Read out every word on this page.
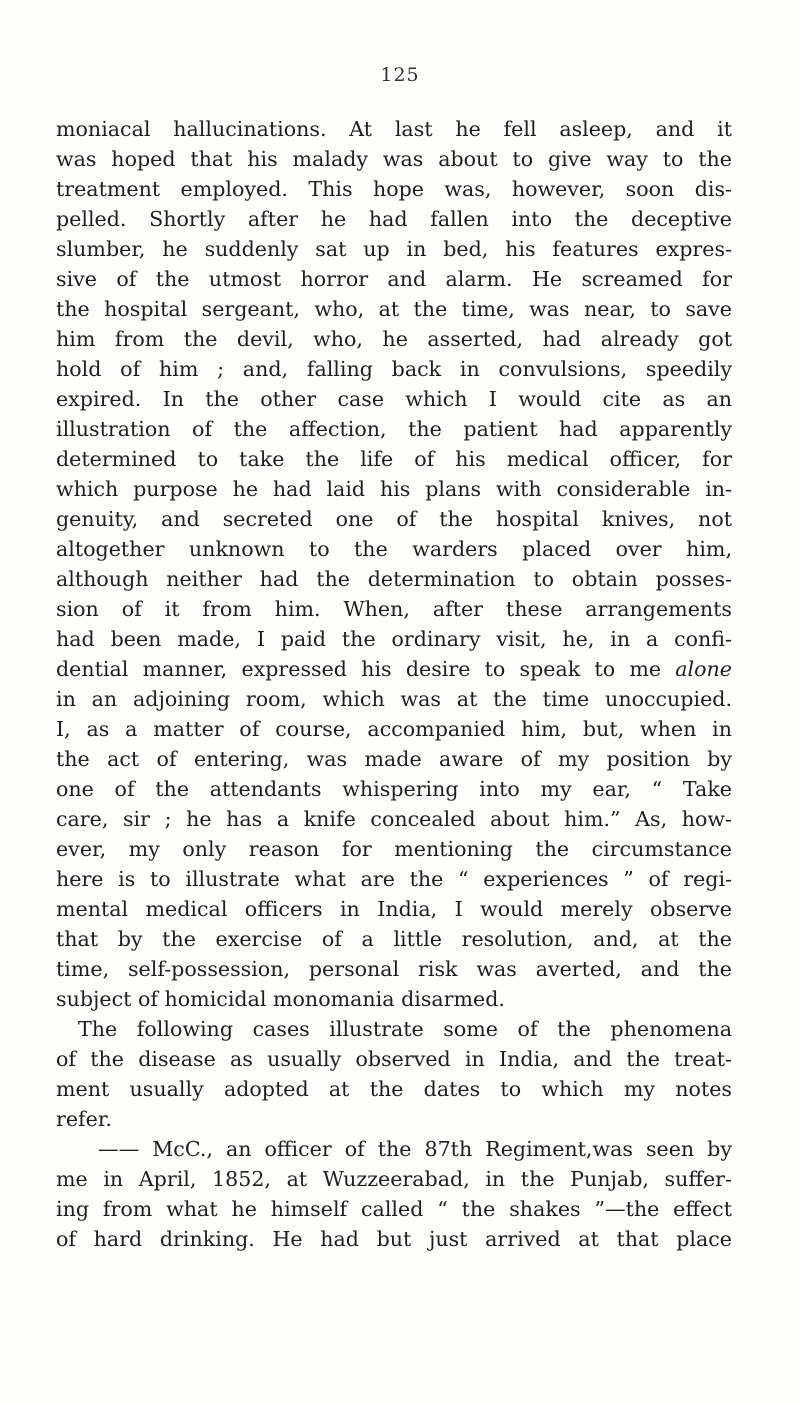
125
moniacal hallucinations. At last he fell asleep, and it
was hoped that his malady was about to give way to the
treatment employed. This hope was, however, soon dis-
pelled. Shortly after he had fallen into the deceptive
slumber, he suddenly sat up in bed, his features expres-
sive of the utmost horror and alarm. He screamed for
the hospital sergeant, who, at the time, was near, to save
him from the devil, who, he asserted, had already got
hold of him ; and, falling back in convulsions, speedily
expired. In the other case which I would cite as an
illustration of the affection, the patient had apparently
determined to take the life of his medical officer, for
which purpose he had laid his plans with considerable in-
genuity, and secreted one of the hospital knives, not
altogether unknown to the warders placed over him,
although neither had the determination to obtain posses-
sion of it from him. When, after these arrangements
had been made, I paid the ordinary visit, he, in a confi-
dential manner, expressed his desire to speak to me alone
in an adjoining room, which was at the time unoccupied.
I, as a matter of course, accompanied him, but, when in
the act of entering, was made aware of my position by
one of the attendants whispering into my ear, “ Take
care, sir ; he has a knife concealed about him.” As, how-
ever, my only reason for mentioning the circumstance
here is to illustrate what are the “ experiences ” of regi-
mental medical officers in India, I would merely observe
that by the exercise of a little resolution, and, at the
time, self-possession, personal risk was averted, and the
subject of homicidal monomania disarmed.
The following cases illustrate some of the phenomena
of the disease as usually observed in India, and the treat-
ment usually adopted at the dates to which my notes
refer.
—— McC., an officer of the 87th Regiment,was seen by
me in April, 1852, at Wuzzeerabad, in the Punjab, suffer-
ing from what he himself called “ the shakes ”—the effect
of hard drinking. He had but just arrived at that place
